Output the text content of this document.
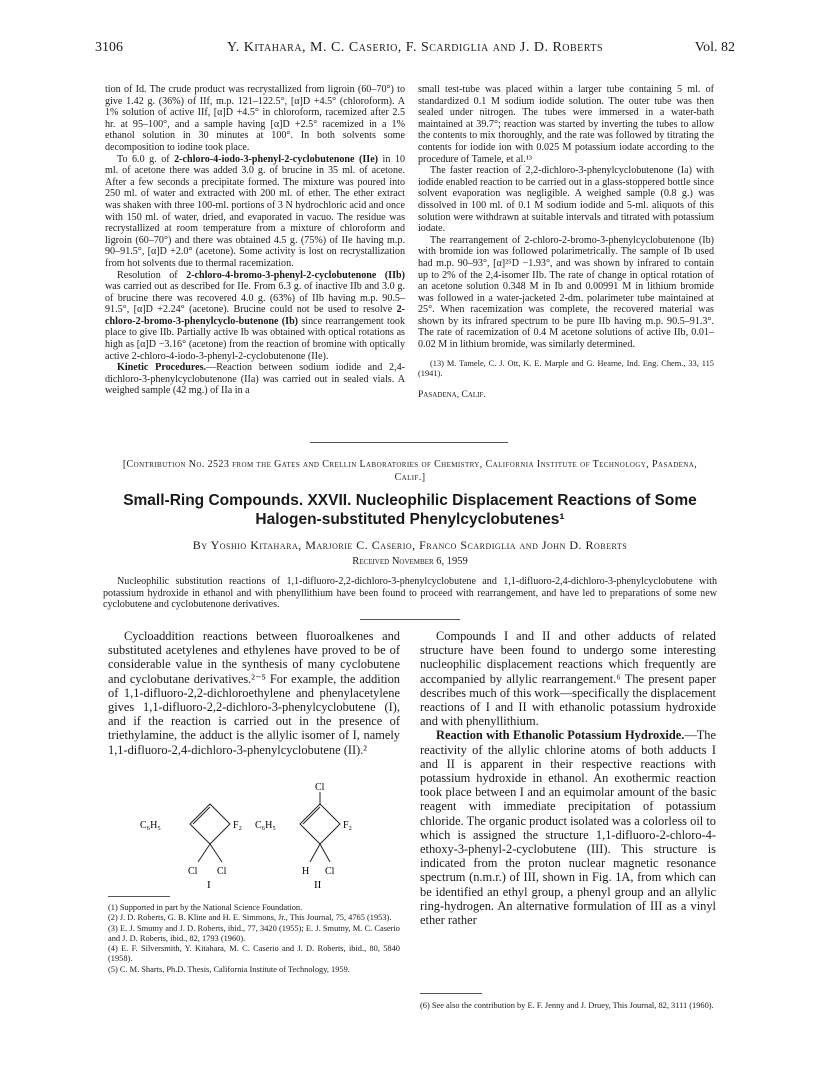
3106	Y. Kitahara, M. C. Caserio, F. Scardiglia and J. D. Roberts	Vol. 82

tion of Id. The crude product was recrystallized from ligroin (60–70°) to give 1.42 g. (36%) of IIf, m.p. 121–122.5°, [α]D +4.5° (chloroform). A 1% solution of active IIf, [α]D +4.5° in chloroform, racemized after 2.5 hr. at 95–100°, and a sample having [α]D +2.5° racemized in a 1% ethanol solution in 30 minutes at 100°. In both solvents some decomposition to iodine took place.

To 6.0 g. of 2-chloro-4-iodo-3-phenyl-2-cyclobutenone (IIe) in 10 ml. of acetone there was added 3.0 g. of brucine in 35 ml. of acetone. After a few seconds a precipitate formed. The mixture was poured into 250 ml. of water and extracted with 200 ml. of ether. The ether extract was shaken with three 100-ml. portions of 3 N hydrochloric acid and once with 150 ml. of water, dried, and evaporated in vacuo. The residue was recrystallized at room temperature from a mixture of chloroform and ligroin (60–70°) and there was obtained 4.5 g. (75%) of IIe having m.p. 90–91.5°, [α]D +2.0° (acetone). Some activity is lost on recrystallization from hot solvents due to thermal racemization.

Resolution of 2-chloro-4-bromo-3-phenyl-2-cyclobutenone (IIb) was carried out as described for IIe. From 6.3 g. of inactive IIb and 3.0 g. of brucine there was recovered 4.0 g. (63%) of IIb having m.p. 90.5–91.5°, [α]D +2.24° (acetone). Brucine could not be used to resolve 2-chloro-2-bromo-3-phenylcyclo-butenone (Ib) since rearrangement took place to give IIb. Partially active Ib was obtained with optical rotations as high as [α]D −3.16° (acetone) from the reaction of bromine with optically active 2-chloro-4-iodo-3-phenyl-2-cyclobutenone (IIe).

Kinetic Procedures.—Reaction between sodium iodide and 2,4-dichloro-3-phenylcyclobutenone (IIa) was carried out in sealed vials. A weighed sample (42 mg.) of IIa in a

small test-tube was placed within a larger tube containing 5 ml. of standardized 0.1 M sodium iodide solution. The outer tube was then sealed under nitrogen. The tubes were immersed in a water-bath maintained at 39.7°; reaction was started by inverting the tubes to allow the contents to mix thoroughly, and the rate was followed by titrating the contents for iodide ion with 0.025 M potassium iodate according to the procedure of Tamele, et al.¹³

The faster reaction of 2,2-dichloro-3-phenylcyclobutenone (Ia) with iodide enabled reaction to be carried out in a glass-stoppered bottle since solvent evaporation was negligible. A weighed sample (0.8 g.) was dissolved in 100 ml. of 0.1 M sodium iodide and 5-ml. aliquots of this solution were withdrawn at suitable intervals and titrated with potassium iodate.

The rearrangement of 2-chloro-2-bromo-3-phenylcyclobutenone (Ib) with bromide ion was followed polarimetrically. The sample of Ib used had m.p. 90–93°, [α]²⁵D −1.93°, and was shown by infrared to contain up to 2% of the 2,4-isomer IIb. The rate of change in optical rotation of an acetone solution 0.348 M in Ib and 0.00991 M in lithium bromide was followed in a water-jacketed 2-dm. polarimeter tube maintained at 25°. When racemization was complete, the recovered material was shown by its infrared spectrum to be pure IIb having m.p. 90.5–91.3°. The rate of racemization of 0.4 M acetone solutions of active IIb, 0.01–0.02 M in lithium bromide, was similarly determined.

(13) M. Tamele, C. J. Ott, K. E. Marple and G. Hearne, Ind. Eng. Chem., 33, 115 (1941).

Pasadena, Calif.

[Contribution No. 2523 from the Gates and Crellin Laboratories of Chemistry, California Institute of Technology, Pasadena, Calif.]
Small-Ring Compounds. XXVII. Nucleophilic Displacement Reactions of Some Halogen-substituted Phenylcyclobutenes¹
By Yoshio Kitahara, Marjorie C. Caserio, Franco Scardiglia and John D. Roberts
Received November 6, 1959
Nucleophilic substitution reactions of 1,1-difluoro-2,2-dichloro-3-phenylcyclobutene and 1,1-difluoro-2,4-dichloro-3-phenylcyclobutene with potassium hydroxide in ethanol and with phenyllithium have been found to proceed with rearrangement, and have led to preparations of some new cyclobutene and cyclobutenone derivatives.

Cycloaddition reactions between fluoroalkenes and substituted acetylenes and ethylenes have proved to be of considerable value in the synthesis of many cyclobutene and cyclobutane derivatives.²⁻⁵ For example, the addition of 1,1-difluoro-2,2-dichloroethylene and phenylacetylene gives 1,1-difluoro-2,2-dichloro-3-phenylcyclobutene (I), and if the reaction is carried out in the presence of triethylamine, the adduct is the allylic isomer of I, namely 1,1-difluoro-2,4-dichloro-3-phenylcyclobutene (II).²

C₆H₅	F₂
Cl Cl
I
Cl
C₆H₅	F₂
H Cl
II

(1) Supported in part by the National Science Foundation.

(2) J. D. Roberts, G. B. Kline and H. E. Simmons, Jr., This Journal, 75, 4765 (1953).

(3) E. J. Smutny and J. D. Roberts, ibid., 77, 3420 (1955); E. J. Smutny, M. C. Caserio and J. D. Roberts, ibid., 82, 1793 (1960).

(4) E. F. Silversmith, Y. Kitahara, M. C. Caserio and J. D. Roberts, ibid., 80, 5840 (1958).

(5) C. M. Sharts, Ph.D. Thesis, California Institute of Technology, 1959.

Compounds I and II and other adducts of related structure have been found to undergo some interesting nucleophilic displacement reactions which frequently are accompanied by allylic rearrangement.⁶ The present paper describes much of this work—specifically the displacement reactions of I and II with ethanolic potassium hydroxide and with phenyllithium.

Reaction with Ethanolic Potassium Hydroxide.—The reactivity of the allylic chlorine atoms of both adducts I and II is apparent in their respective reactions with potassium hydroxide in ethanol. An exothermic reaction took place between I and an equimolar amount of the basic reagent with immediate precipitation of potassium chloride. The organic product isolated was a colorless oil to which is assigned the structure 1,1-difluoro-2-chloro-4-ethoxy-3-phenyl-2-cyclobutene (III). This structure is indicated from the proton nuclear magnetic resonance spectrum (n.m.r.) of III, shown in Fig. 1A, from which can be identified an ethyl group, a phenyl group and an allylic ring-hydrogen. An alternative formulation of III as a vinyl ether rather

(6) See also the contribution by E. F. Jenny and J. Druey, This Journal, 82, 3111 (1960).
